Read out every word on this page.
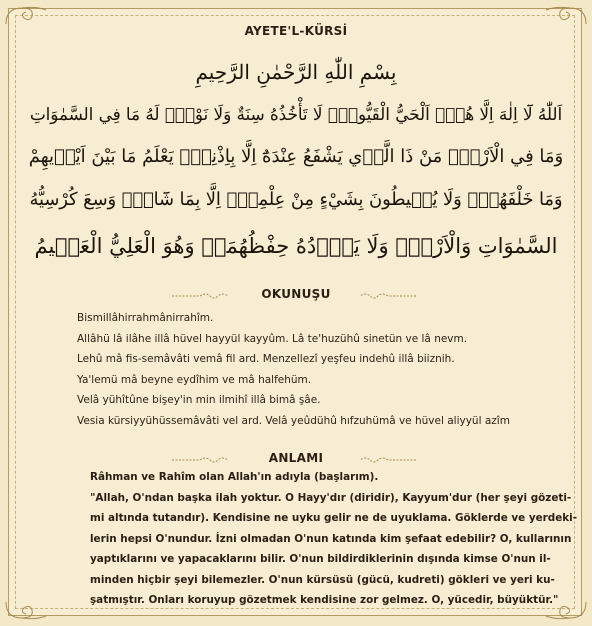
AYETE'L-KÜRSİ
بِسْمِ اللّٰهِ الرَّحْمٰنِ الرَّحِيمِ
اَللّٰهُ لَٓا اِلٰهَ اِلَّا هُوَۚ اَلْحَيُّ الْقَيُّومُۚ لَا تَأْخُذُهُ سِنَةٌ وَلَا نَوْمٌۜ لَهُ مَا فِي السَّمٰوَاتِ
وَمَا فِي الْاَرْضِۜ مَنْ ذَا الَّذ۪ي يَشْفَعُ عِنْدَهُٓ اِلَّا بِاِذْنِه۪ۜ يَعْلَمُ مَا بَيْنَ اَيْد۪يهِمْ
وَمَا خَلْفَهُمْۚ وَلَا يُح۪يطُونَ بِشَيْءٍ مِنْ عِلْمِه۪ٓ اِلَّا بِمَا شَٓاءَۚ وَسِعَ كُرْسِيُّهُ
السَّمٰوَاتِ وَالْاَرْضَۚ وَلَا يَؤُ۫دُهُ حِفْظُهُمَاۚ وَهُوَ الْعَلِيُّ الْعَظ۪يمُ
OKUNUŞU
Bismillâhirrahmânirrahîm.
Allâhü lâ ilâhe illâ hüvel hayyül kayyûm. Lâ te'huzühû sinetün ve lâ nevm.
Lehû mâ fis-semâvâti vemâ fil ard. Menzellezî yeşfeu indehû illâ biiznih.
Ya'lemü mâ beyne eydîhim ve mâ halfehüm.
Velâ yühîtûne bişey'in min ilmihî illâ bimâ şâe.
Vesia kürsiyyühüssemâvâti vel ard. Velâ yeûdühû hıfzuhümâ ve hüvel aliyyül azîm
ANLAMI
Râhman ve Rahîm olan Allah'ın adıyla (başlarım).
"Allah, O'ndan başka ilah yoktur. O Hayy'dır (diridir), Kayyum'dur (her şeyi gözeti-
mi altında tutandır). Kendisine ne uyku gelir ne de uyuklama. Göklerde ve yerdeki-
lerin hepsi O'nundur. İzni olmadan O'nun katında kim şefaat edebilir? O, kullarının
yaptıklarını ve yapacaklarını bilir. O'nun bildirdiklerinin dışında kimse O'nun il-
minden hiçbir şeyi bilemezler. O'nun kürsüsü (gücü, kudreti) gökleri ve yeri ku-
şatmıştır. Onları koruyup gözetmek kendisine zor gelmez. O, yücedir, büyüktür."
